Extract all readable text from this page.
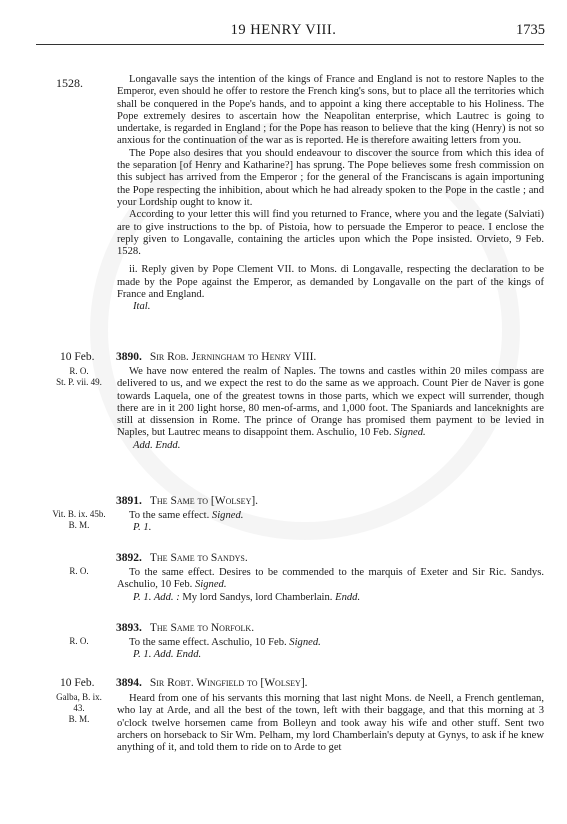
19 HENRY VIII.	1735
1528.	Longavalle says the intention of the kings of France and England is not to restore Naples to the Emperor, even should he offer to restore the French king's sons, but to place all the territories which shall be conquered in the Pope's hands, and to appoint a king there acceptable to his Holiness. The Pope extremely desires to ascertain how the Neapolitan enterprise, which Lautrec is going to undertake, is regarded in England ; for the Pope has reason to believe that the king (Henry) is not so anxious for the continuation of the war as is reported. He is therefore awaiting letters from you.

The Pope also desires that you should endeavour to discover the source from which this idea of the separation [of Henry and Katharine?] has sprung. The Pope believes some fresh commission on this subject has arrived from the Emperor ; for the general of the Franciscans is again importuning the Pope respecting the inhibition, about which he had already spoken to the Pope in the castle ; and your Lordship ought to know it.

According to your letter this will find you returned to France, where you and the legate (Salviati) are to give instructions to the bp. of Pistoia, how to persuade the Emperor to peace. I enclose the reply given to Longavalle, containing the articles upon which the Pope insisted. Orvieto, 9 Feb. 1528.

ii. Reply given by Pope Clement VII. to Mons. di Longavalle, respecting the declaration to be made by the Pope against the Emperor, as demanded by Longavalle on the part of the kings of France and England.

Ital.

10 Feb.
R. O.
St. P. vii. 49.
3890. Sir Rob. Jerningham to Henry VIII.

We have now entered the realm of Naples. The towns and castles within 20 miles compass are delivered to us, and we expect the rest to do the same as we approach. Count Pier de Naver is gone towards Laquela, one of the greatest towns in those parts, which we expect will surrender, though there are in it 200 light horse, 80 men-of-arms, and 1,000 foot. The Spaniards and lanceknights are still at dissension in Rome. The prince of Orange has promised them payment to be levied in Naples, but Lautrec means to disappoint them. Aschulio, 10 Feb. Signed.

Add. Endd.

Vit. B. ix. 45b.
B. M.
3891. The Same to [Wolsey].

To the same effect. Signed.

P. 1.

R. O.
3892. The Same to Sandys.

To the same effect. Desires to be commended to the marquis of Exeter and Sir Ric. Sandys. Aschulio, 10 Feb. Signed.

P. 1. Add. : My lord Sandys, lord Chamberlain. Endd.

R. O.
3893. The Same to Norfolk.

To the same effect. Aschulio, 10 Feb. Signed.

P. 1. Add. Endd.

10 Feb.
Galba, B. ix.
43.
B. M.
3894. Sir Robt. Wingfield to [Wolsey].

Heard from one of his servants this morning that last night Mons. de Neell, a French gentleman, who lay at Arde, and all the best of the town, left with their baggage, and that this morning at 3 o'clock twelve horsemen came from Bolleyn and took away his wife and other stuff. Sent two archers on horseback to Sir Wm. Pelham, my lord Chamberlain's deputy at Gynys, to ask if he knew anything of it, and told them to ride on to Arde to get
